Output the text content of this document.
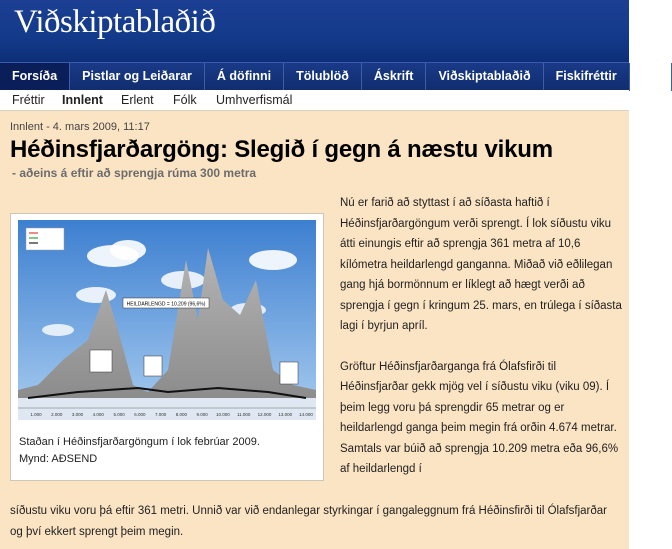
Viðskiptablaðið
Forsíða	Pistlar og Leiðarar	Á döfinni	Tölublöð	Áskrift	Viðskiptablaðið	Fiskifréttir	Ma
Fréttir Innlent Erlent Fólk Umhverfismál
Innlent - 4. mars 2009, 11:17
Héðinsfjarðargöng: Slegið í gegn á næstu vikum
- aðeins á eftir að sprengja rúma 300 metra
HEILDARLENGD = 10.209 (96,6%)
1.000 2.000 3.000 4.000 5.000 6.000 7.000 8.000 9.000 10.000 11.000 12.000 13.000 14.000
Staðan í Héðinsfjarðargöngum í lok febrúar 2009.
Mynd: AÐSEND

Nú er farið að styttast í að síðasta haftið í Héðinsfjarðargöngum verði sprengt. Í lok síðustu viku átti einungis eftir að sprengja 361 metra af 10,6 kílómetra heildarlengd ganganna. Miðað við eðlilegan gang hjá bormönnum er líklegt að hægt verði að sprengja í gegn í kringum 25. mars, en trúlega í síðasta lagi í byrjun apríl.

Gröftur Héðinsfjarðarganga frá Ólafsfirði til Héðinsfjarðar gekk mjög vel í síðustu viku (viku 09). Í þeim legg voru þá sprengdir 65 metrar og er heildarlengd ganga þeim megin frá orðin 4.674 metrar. Samtals var búið að sprengja 10.209 metra eða 96,6% af heildarlengd í

síðustu viku voru þá eftir 361 metri. Unnið var við endanlegar styrkingar í gangaleggnum frá Héðinsfirði til Ólafsfjarðar og því ekkert sprengt þeim megin.
